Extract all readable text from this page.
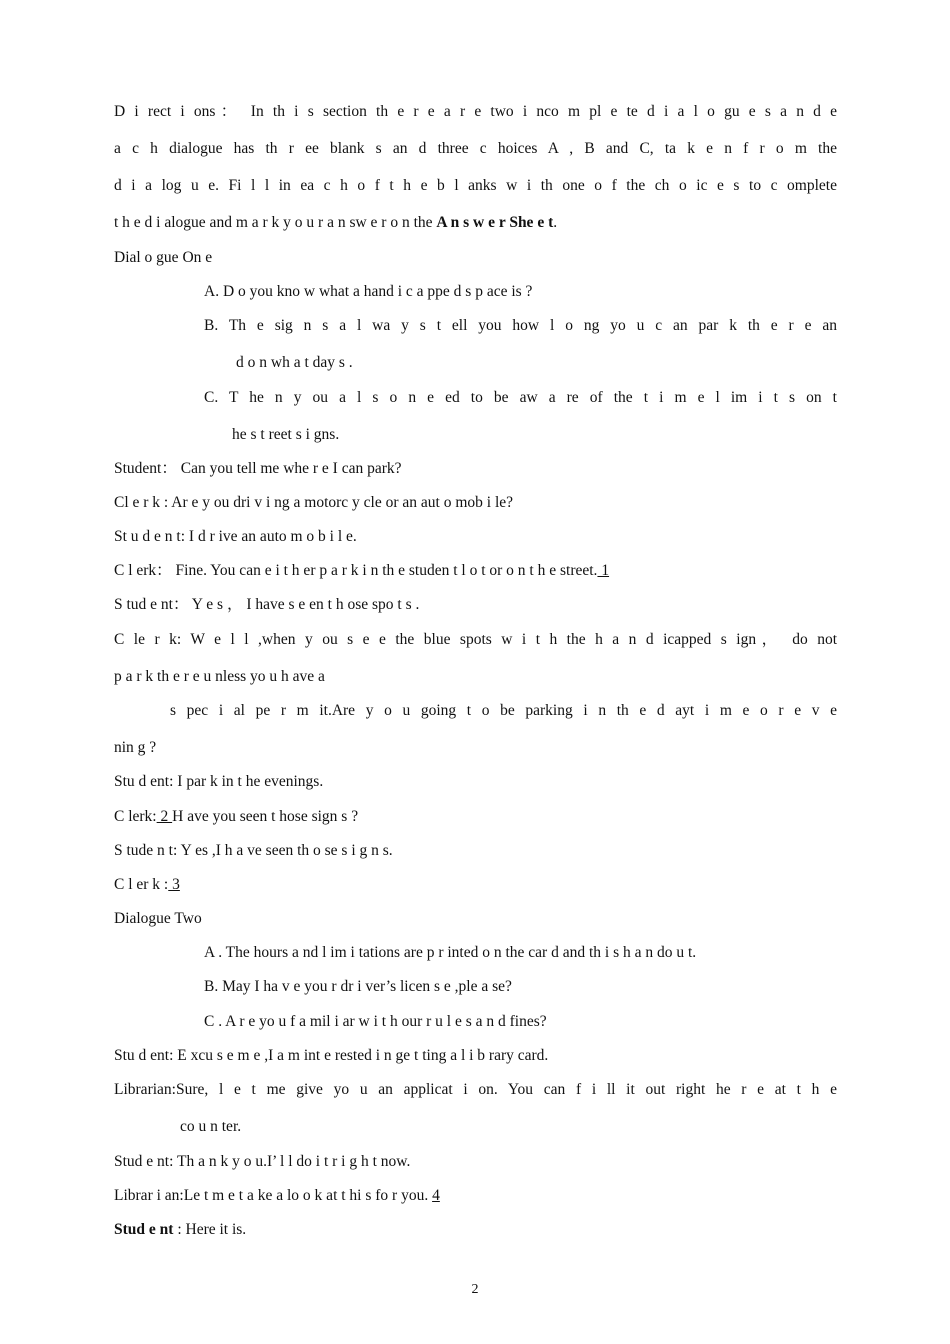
D i rect i ons： In th i s section th e r e a r e two i nco m pl e te d i a l o gu e s a n d e
a c h dialogue has th r ee blank s an d three c hoices A , B and C, ta k e n f r o m the
d i a log u e. Fi l l in ea c h o f t h e b l anks w i th one o f the ch o ic e s to c omplete
t h e d i alogue and m a r k y o u r a n sw e r o n the A n s w e r She e t.
Dial o gue On e
A. D o you kno w what a hand i c a ppe d s p ace is ?
B. Th e sig n s a l wa y s t ell you how l o ng yo u c an par k th e r e an
d o n wh a t day s .
C. T he n y ou a l s o n e ed to be aw a re of the t i m e l im i t s on t
he s t reet s i gns.
Student： Can you tell me whe r e I can park?
Cl e r k : Ar e y ou dri v i ng a motorc y cle or an aut o mob i le?
St u d e n t: I d r ive an auto m o b i l e.
C l erk： Fine. You can e i t h er p a r k i n th e studen t l o t or o n t h e street. 1
S tud e nt： Y e s ， I have s e en t h ose spo t s .
C le r k: W e l l ,when y ou s e e the blue spots w i t h the h a n d icapped s ign， do not
p a r k th e r e u nless yo u h ave a
s pec i al pe r m it.Are y o u going t o be parking i n th e d ayt i m e o r e v e
nin g ?
Stu d ent: I par k in t he evenings.
C lerk: 2 H ave you seen t hose sign s ?
S tude n t: Y es ,I h a ve seen th o se s i g n s.
C l er k : 3
Dialogue Two
A . The hours a nd l im i tations are p r inted o n the car d and th i s h a n do u t.
B. May I ha v e you r dr i ver’s licen s e ,ple a se?
C . A r e yo u f a mil i ar w i t h our r u l e s a n d fines?
Stu d ent: E xcu s e m e ,I a m int e rested i n ge t ting a l i b rary card.
Librarian:Sure, l e t me give yo u an applicat i on. You can f i ll it out right he r e at t h e
co u n ter.
Stud e nt: Th a n k y o u.I’ l l do i t r i g h t now.
Librar i an:Le t m e t a ke a lo o k at t hi s fo r you. 4
Stud e nt : Here it is.
2
